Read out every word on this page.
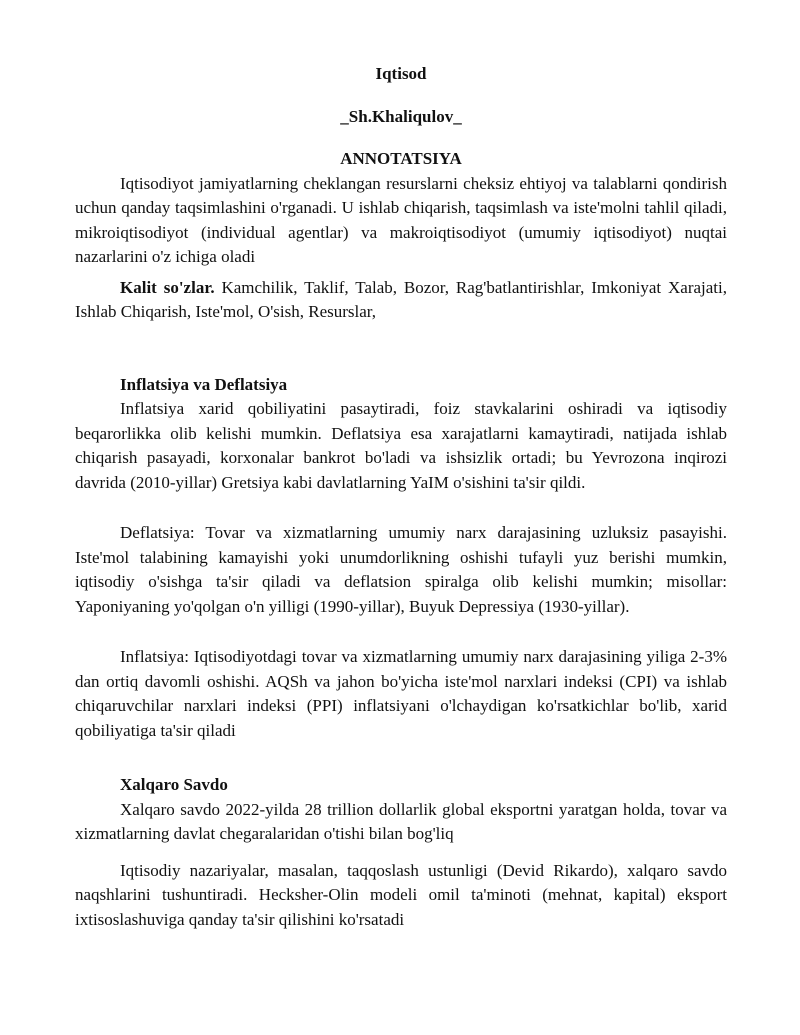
Iqtisod
_Sh.Khaliqulov_
ANNOTATSIYA

Iqtisodiyot jamiyatlarning cheklangan resurslarni cheksiz ehtiyoj va talablarni qondirish uchun qanday taqsimlashini o'rganadi. U ishlab chiqarish, taqsimlash va iste'molni tahlil qiladi, mikroiqtisodiyot (individual agentlar) va makroiqtisodiyot (umumiy iqtisodiyot) nuqtai nazarlarini o'z ichiga oladi

Kalit so'zlar. Kamchilik, Taklif, Talab, Bozor, Rag'batlantirishlar, Imkoniyat Xarajati, Ishlab Chiqarish, Iste'mol, O'sish, Resurslar,

Inflatsiya va Deflatsiya

Inflatsiya xarid qobiliyatini pasaytiradi, foiz stavkalarini oshiradi va iqtisodiy beqarorlikka olib kelishi mumkin. Deflatsiya esa xarajatlarni kamaytiradi, natijada ishlab chiqarish pasayadi, korxonalar bankrot bo'ladi va ishsizlik ortadi; bu Yevrozona inqirozi davrida (2010-yillar) Gretsiya kabi davlatlarning YaIM o'sishini ta'sir qildi.

Deflatsiya: Tovar va xizmatlarning umumiy narx darajasining uzluksiz pasayishi. Iste'mol talabining kamayishi yoki unumdorlikning oshishi tufayli yuz berishi mumkin, iqtisodiy o'sishga ta'sir qiladi va deflatsion spiralga olib kelishi mumkin; misollar: Yaponiyaning yo'qolgan o'n yilligi (1990-yillar), Buyuk Depressiya (1930-yillar).

Inflatsiya: Iqtisodiyotdagi tovar va xizmatlarning umumiy narx darajasining yiliga 2-3% dan ortiq davomli oshishi. AQSh va jahon bo'yicha iste'mol narxlari indeksi (CPI) va ishlab chiqaruvchilar narxlari indeksi (PPI) inflatsiyani o'lchaydigan ko'rsatkichlar bo'lib, xarid qobiliyatiga ta'sir qiladi

Xalqaro Savdo

Xalqaro savdo 2022-yilda 28 trillion dollarlik global eksportni yaratgan holda, tovar va xizmatlarning davlat chegaralaridan o'tishi bilan bog'liq

Iqtisodiy nazariyalar, masalan, taqqoslash ustunligi (Devid Rikardo), xalqaro savdo naqshlarini tushuntiradi. Hecksher-Olin modeli omil ta'minoti (mehnat, kapital) eksport ixtisoslashuviga qanday ta'sir qilishini ko'rsatadi
